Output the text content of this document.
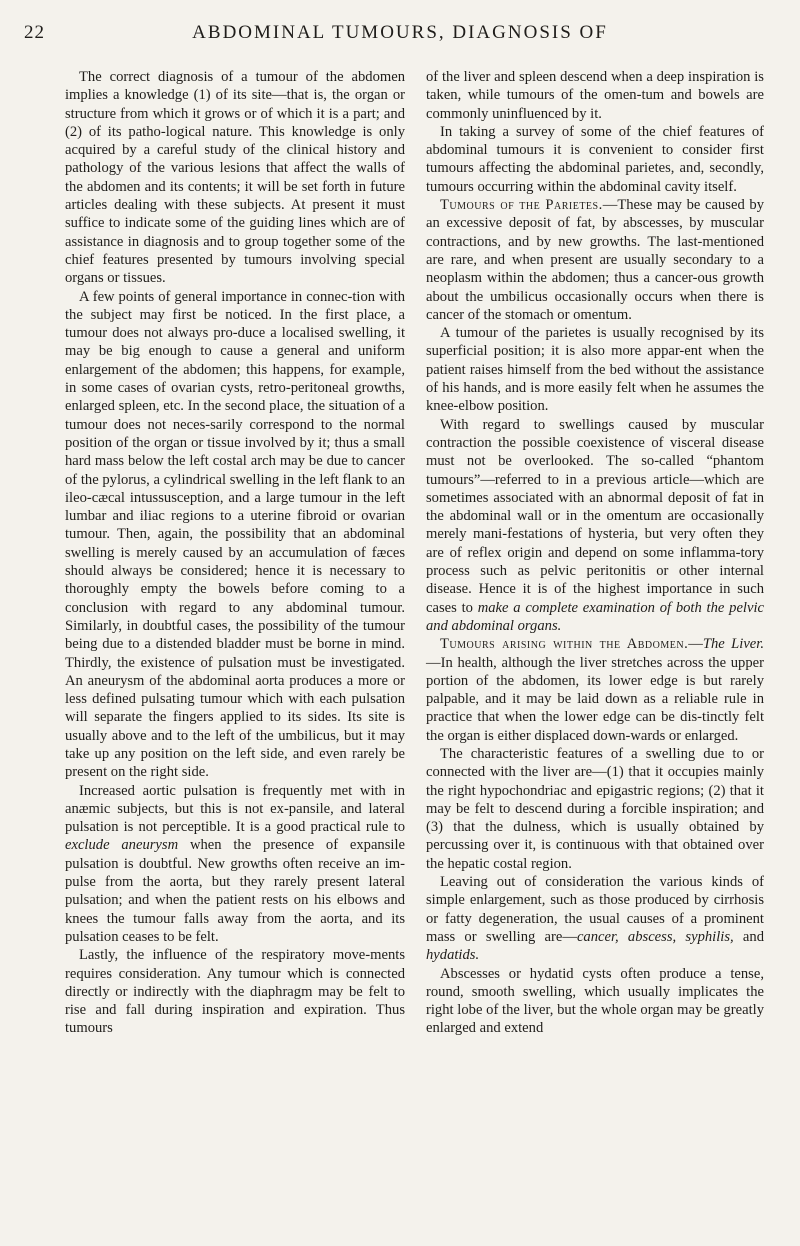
22	ABDOMINAL TUMOURS, DIAGNOSIS OF

The correct diagnosis of a tumour of the abdomen implies a knowledge (1) of its site—that is, the organ or structure from which it grows or of which it is a part; and (2) of its patho-logical nature. This knowledge is only acquired by a careful study of the clinical history and pathology of the various lesions that affect the walls of the abdomen and its contents; it will be set forth in future articles dealing with these subjects. At present it must suffice to indicate some of the guiding lines which are of assistance in diagnosis and to group together some of the chief features presented by tumours involving special organs or tissues.

A few points of general importance in connec-tion with the subject may first be noticed. In the first place, a tumour does not always pro-duce a localised swelling, it may be big enough to cause a general and uniform enlargement of the abdomen; this happens, for example, in some cases of ovarian cysts, retro-peritoneal growths, enlarged spleen, etc. In the second place, the situation of a tumour does not neces-sarily correspond to the normal position of the organ or tissue involved by it; thus a small hard mass below the left costal arch may be due to cancer of the pylorus, a cylindrical swelling in the left flank to an ileo-cæcal intussusception, and a large tumour in the left lumbar and iliac regions to a uterine fibroid or ovarian tumour. Then, again, the possibility that an abdominal swelling is merely caused by an accumulation of fæces should always be considered; hence it is necessary to thoroughly empty the bowels before coming to a conclusion with regard to any abdominal tumour. Similarly, in doubtful cases, the possibility of the tumour being due to a distended bladder must be borne in mind. Thirdly, the existence of pulsation must be investigated. An aneurysm of the abdominal aorta produces a more or less defined pulsating tumour which with each pulsation will separate the fingers applied to its sides. Its site is usually above and to the left of the umbilicus, but it may take up any position on the left side, and even rarely be present on the right side.

Increased aortic pulsation is frequently met with in anæmic subjects, but this is not ex-pansile, and lateral pulsation is not perceptible. It is a good practical rule to exclude aneurysm when the presence of expansile pulsation is doubtful. New growths often receive an im-pulse from the aorta, but they rarely present lateral pulsation; and when the patient rests on his elbows and knees the tumour falls away from the aorta, and its pulsation ceases to be felt.

Lastly, the influence of the respiratory move-ments requires consideration. Any tumour which is connected directly or indirectly with the diaphragm may be felt to rise and fall during inspiration and expiration. Thus tumours

of the liver and spleen descend when a deep inspiration is taken, while tumours of the omen-tum and bowels are commonly uninfluenced by it.

In taking a survey of some of the chief features of abdominal tumours it is convenient to consider first tumours affecting the abdominal parietes, and, secondly, tumours occurring within the abdominal cavity itself.

Tumours of the Parietes.—These may be caused by an excessive deposit of fat, by abscesses, by muscular contractions, and by new growths. The last-mentioned are rare, and when present are usually secondary to a neoplasm within the abdomen; thus a cancer-ous growth about the umbilicus occasionally occurs when there is cancer of the stomach or omentum.

A tumour of the parietes is usually recognised by its superficial position; it is also more appar-ent when the patient raises himself from the bed without the assistance of his hands, and is more easily felt when he assumes the knee-elbow position.

With regard to swellings caused by muscular contraction the possible coexistence of visceral disease must not be overlooked. The so-called “phantom tumours”—referred to in a previous article—which are sometimes associated with an abnormal deposit of fat in the abdominal wall or in the omentum are occasionally merely mani-festations of hysteria, but very often they are of reflex origin and depend on some inflamma-tory process such as pelvic peritonitis or other internal disease. Hence it is of the highest importance in such cases to make a complete examination of both the pelvic and abdominal organs.

Tumours arising within the Abdomen.—The Liver.—In health, although the liver stretches across the upper portion of the abdomen, its lower edge is but rarely palpable, and it may be laid down as a reliable rule in practice that when the lower edge can be dis-tinctly felt the organ is either displaced down-wards or enlarged.

The characteristic features of a swelling due to or connected with the liver are—(1) that it occupies mainly the right hypochondriac and epigastric regions; (2) that it may be felt to descend during a forcible inspiration; and (3) that the dulness, which is usually obtained by percussing over it, is continuous with that obtained over the hepatic costal region.

Leaving out of consideration the various kinds of simple enlargement, such as those produced by cirrhosis or fatty degeneration, the usual causes of a prominent mass or swelling are—cancer, abscess, syphilis, and hydatids.

Abscesses or hydatid cysts often produce a tense, round, smooth swelling, which usually implicates the right lobe of the liver, but the whole organ may be greatly enlarged and extend
